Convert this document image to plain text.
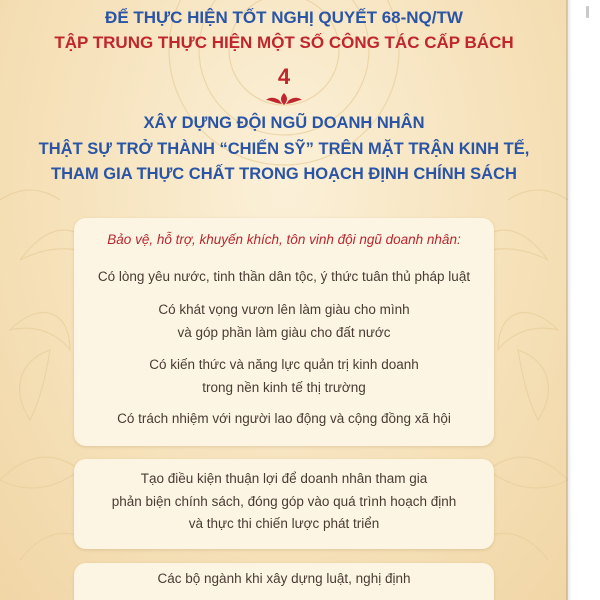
ĐỂ THỰC HIỆN TỐT NGHỊ QUYẾT 68-NQ/TW
TẬP TRUNG THỰC HIỆN MỘT SỐ CÔNG TÁC CẤP BÁCH
4
XÂY DỰNG ĐỘI NGŨ DOANH NHÂN
THẬT SỰ TRỞ THÀNH “CHIẾN SỸ” TRÊN MẶT TRẬN KINH TẾ,
THAM GIA THỰC CHẤT TRONG HOẠCH ĐỊNH CHÍNH SÁCH
Bảo vệ, hỗ trợ, khuyến khích, tôn vinh đội ngũ doanh nhân:
Có lòng yêu nước, tinh thần dân tộc, ý thức tuân thủ pháp luật
Có khát vọng vươn lên làm giàu cho mình
và góp phần làm giàu cho đất nước
Có kiến thức và năng lực quản trị kinh doanh
trong nền kinh tế thị trường
Có trách nhiệm với người lao động và cộng đồng xã hội
Tạo điều kiện thuận lợi để doanh nhân tham gia
phản biện chính sách, đóng góp vào quá trình hoạch định
và thực thi chiến lược phát triển
Các bộ ngành khi xây dựng luật, nghị định
